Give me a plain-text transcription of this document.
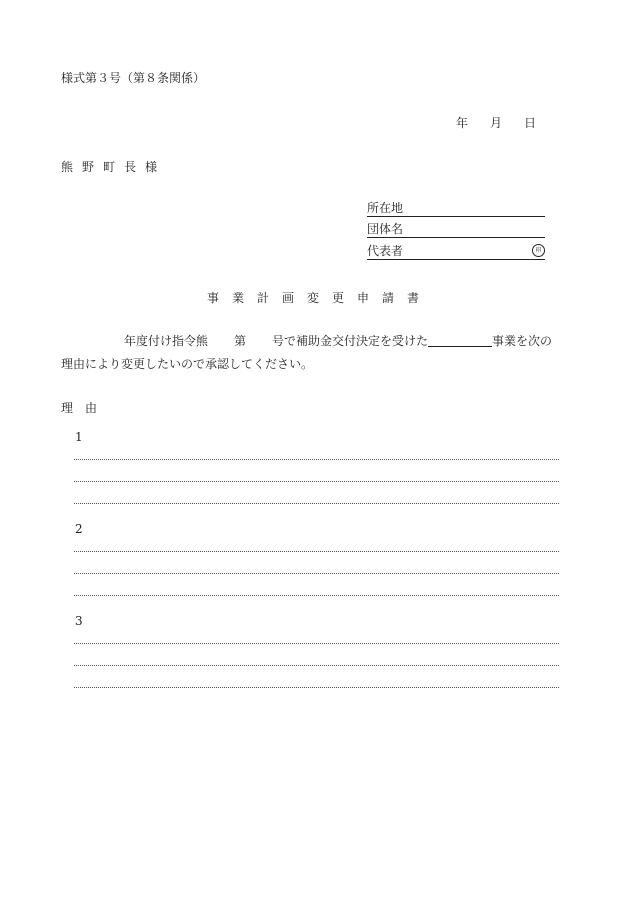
様式第３号（第８条関係）
年 月 日
熊野町長様
所在地
団体名
代表者	印
事業計画変更申請書
年度付け指令熊 第 号で補助金交付決定を受けた	事業を次の
理由により変更したいので承認してください。
理由
1
2
3
